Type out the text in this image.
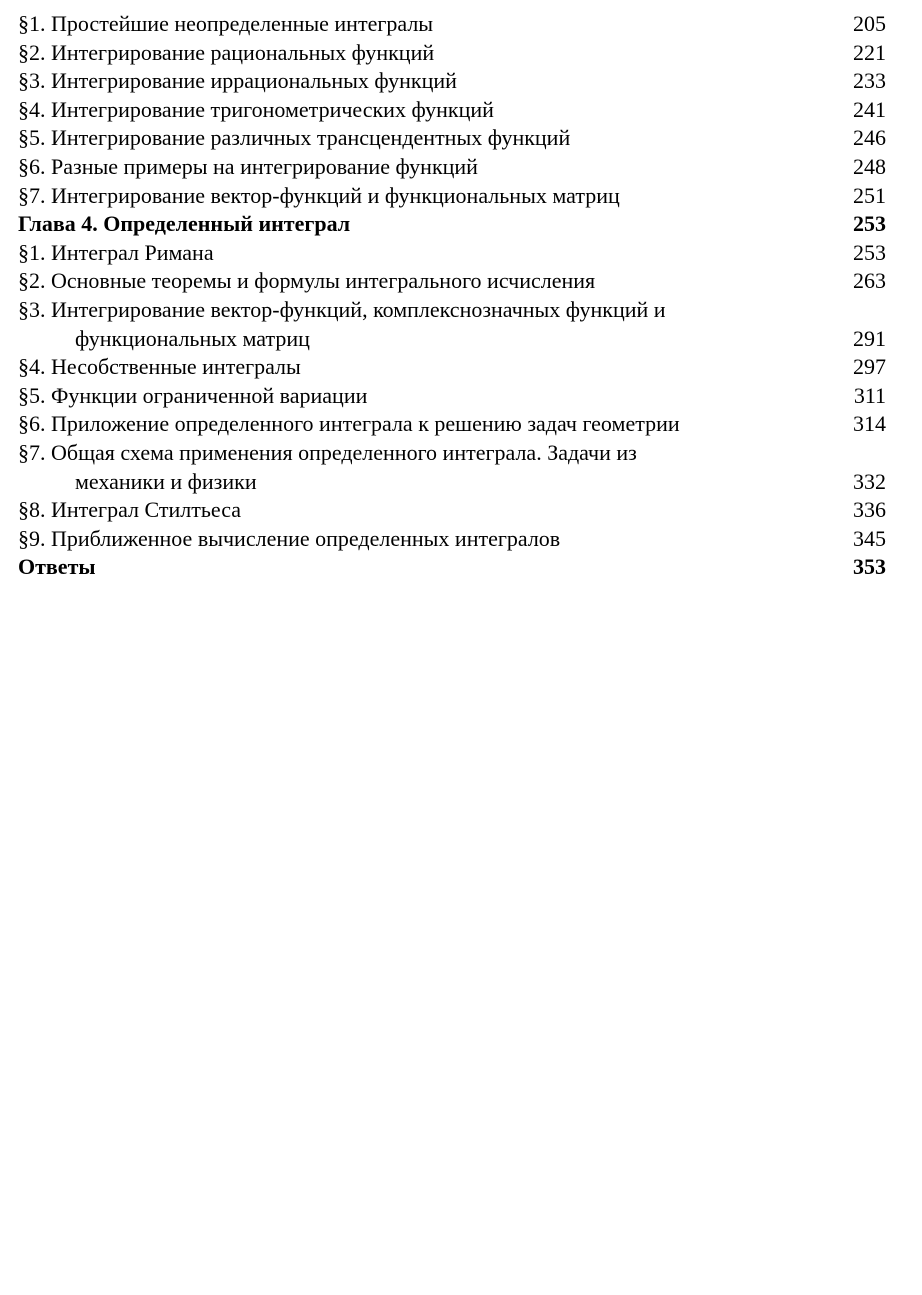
§1. Простейшие неопределенные интегралы	205
§2. Интегрирование рациональных функций	221
§3. Интегрирование иррациональных функций	233
§4. Интегрирование тригонометрических функций	241
§5. Интегрирование различных трансцендентных функций	246
§6. Разные примеры на интегрирование функций	248
§7. Интегрирование вектор-функций и функциональных матриц	251
Глава 4. Определенный интеграл	253
§1. Интеграл Римана	253
§2. Основные теоремы и формулы интегрального исчисления	263
§3. Интегрирование вектор-функций, комплекснозначных функций и
функциональных матриц	291
§4. Несобственные интегралы	297
§5. Функции ограниченной вариации	311
§6. Приложение определенного интеграла к решению задач геометрии	314
§7. Общая схема применения определенного интеграла. Задачи из
механики и физики	332
§8. Интеграл Стилтьеса	336
§9. Приближенное вычисление определенных интегралов	345
Ответы	353
